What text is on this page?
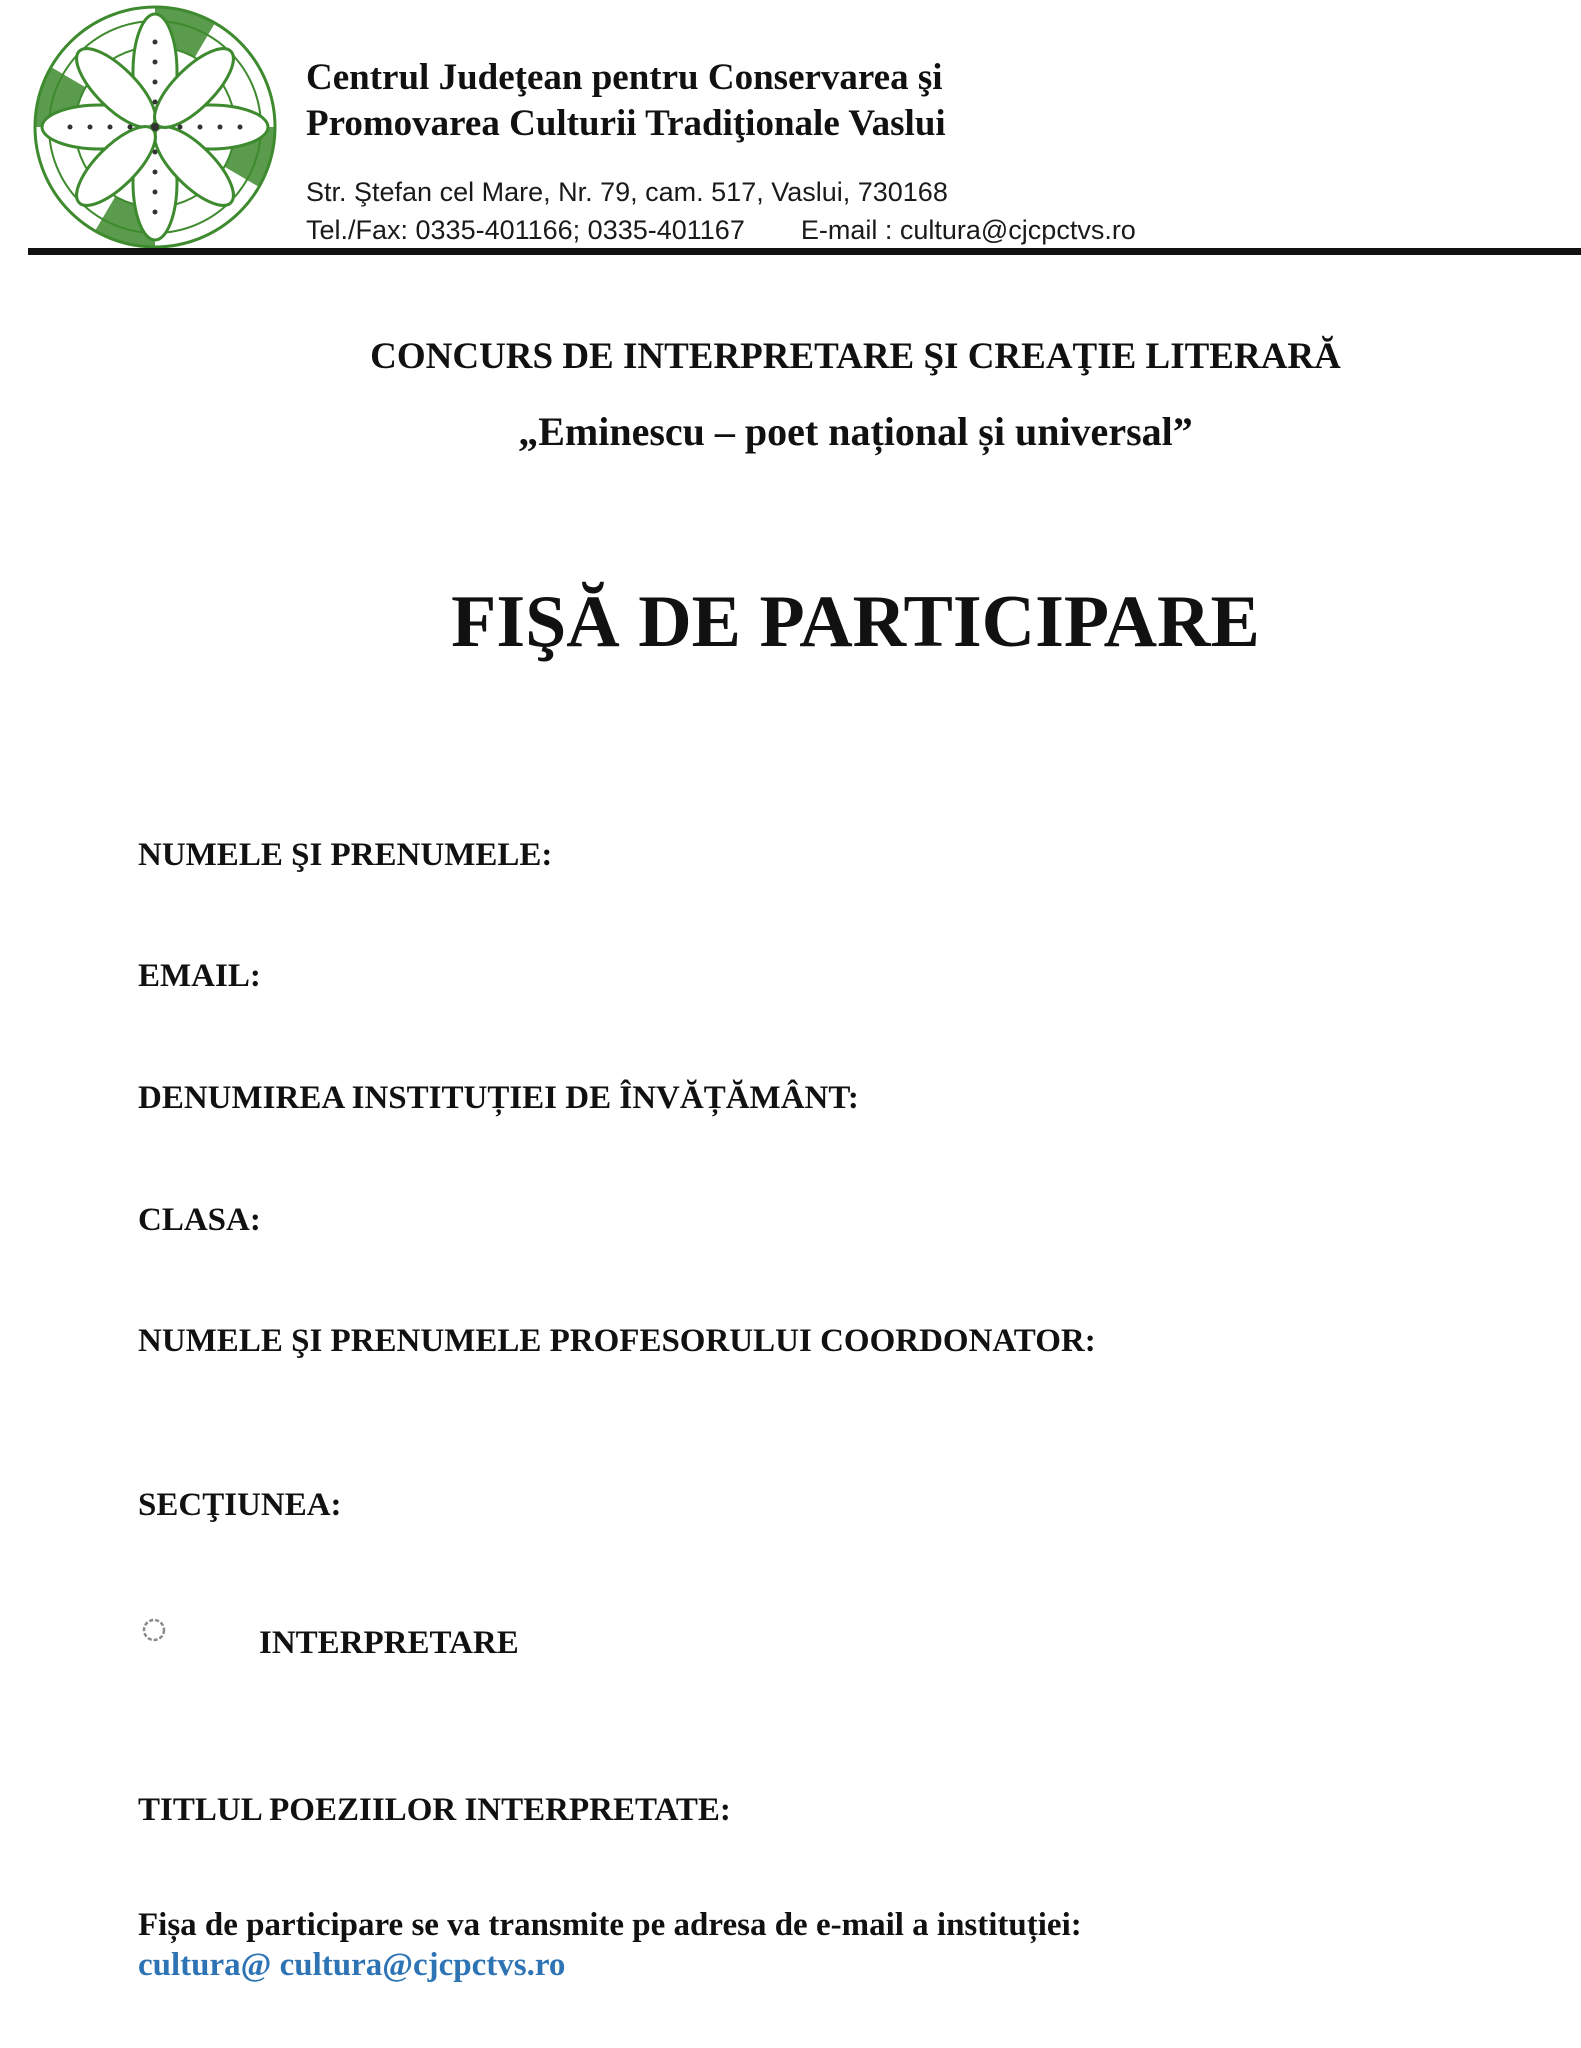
Centrul Judeţean pentru Conservarea şi
Promovarea Culturii Tradiţionale Vaslui
Str. Ştefan cel Mare, Nr. 79, cam. 517, Vaslui, 730168
Tel./Fax: 0335-401166; 0335-401167 E-mail : cultura@cjcpctvs.ro
CONCURS DE INTERPRETARE ŞI CREAŢIE LITERARĂ
„Eminescu – poet național și universal”
FIŞĂ DE PARTICIPARE
NUMELE ŞI PRENUMELE:
EMAIL:
DENUMIREA INSTITUȚIEI DE ÎNVĂȚĂMÂNT:
CLASA:
NUMELE ŞI PRENUMELE PROFESORULUI COORDONATOR:
SECŢIUNEA:
INTERPRETARE
TITLUL POEZIILOR INTERPRETATE:
Fișa de participare se va transmite pe adresa de e-mail a instituției:
cultura@ cultura@cjcpctvs.ro
